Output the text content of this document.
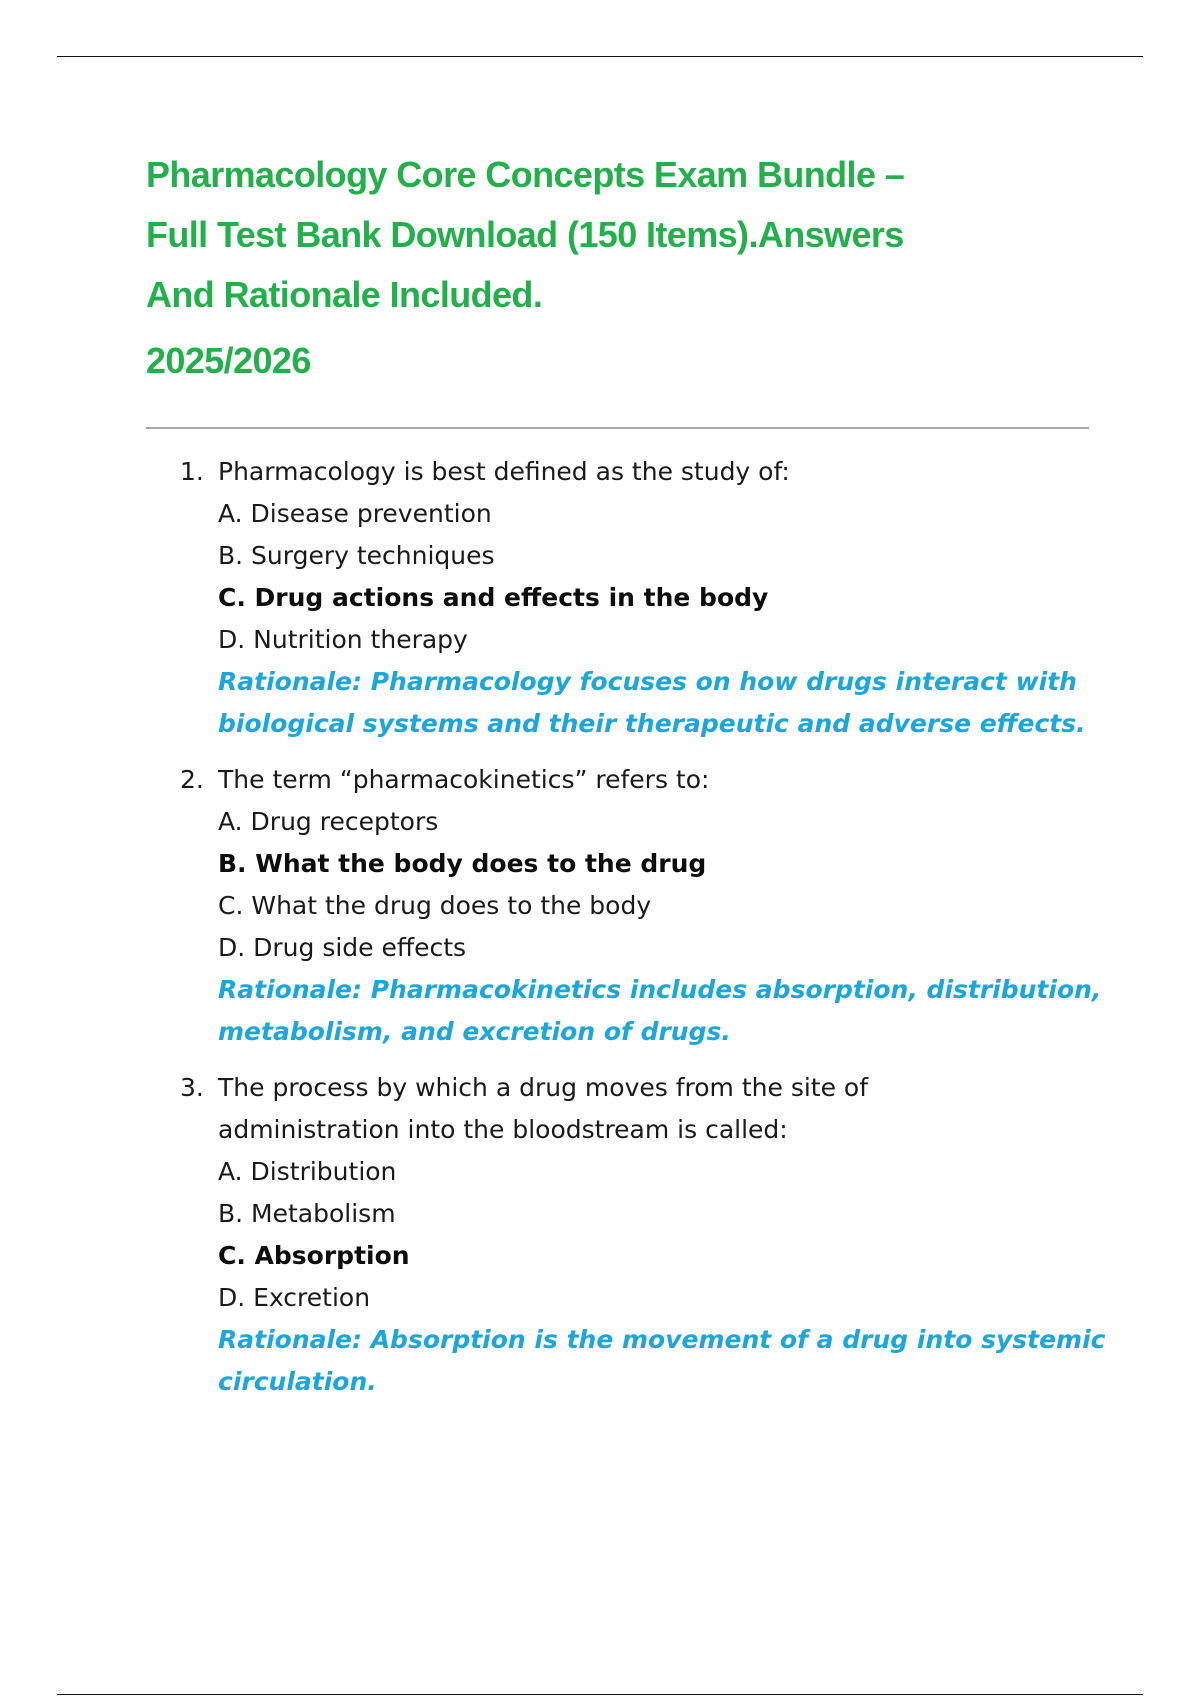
Pharmacology Core Concepts Exam Bundle –
Full Test Bank Download (150 Items).Answers
And Rationale Included.
2025/2026
1. Pharmacology is best defined as the study of:
A. Disease prevention
B. Surgery techniques
C. Drug actions and effects in the body
D. Nutrition therapy
Rationale: Pharmacology focuses on how drugs interact with
biological systems and their therapeutic and adverse effects.
2. The term “pharmacokinetics” refers to:
A. Drug receptors
B. What the body does to the drug
C. What the drug does to the body
D. Drug side effects
Rationale: Pharmacokinetics includes absorption, distribution,
metabolism, and excretion of drugs.
3. The process by which a drug moves from the site of
administration into the bloodstream is called:
A. Distribution
B. Metabolism
C. Absorption
D. Excretion
Rationale: Absorption is the movement of a drug into systemic
circulation.
